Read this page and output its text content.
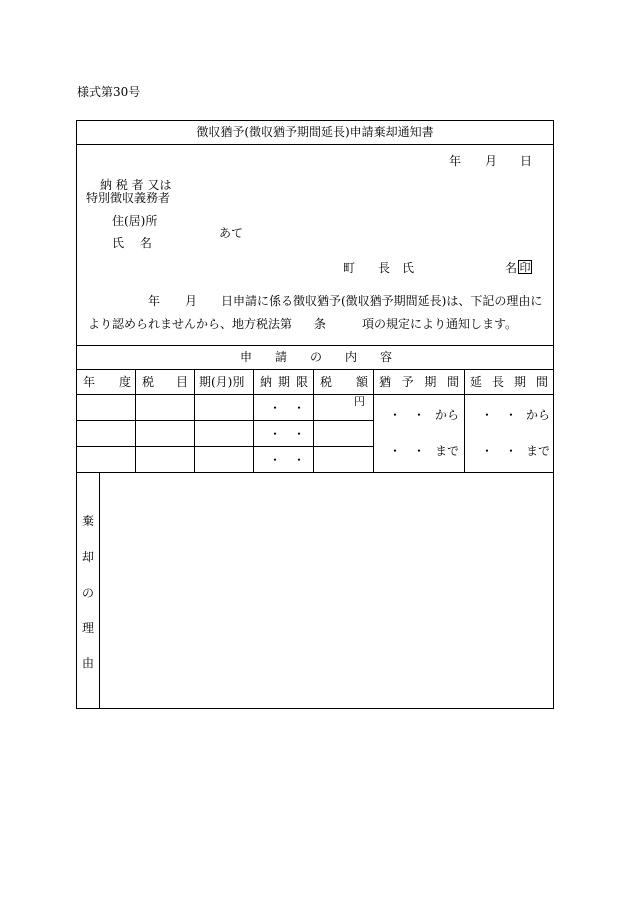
様式第30号
徴収猶予(徴収猶予期間延長)申請棄却通知書
年 月 日
納 税 者 又は
特別徴収義務者
住(居)所
氏　 名
あて
町 長　氏	名 印
年 月 日申請に係る徴収猶予(徴収猶予期間延長)は、下記の理由に
より認められませんから、地方税法第 条	項の規定により通知します。
申 請 の 内 容
年 度 税 目 期(月)別 納 期 限 税 額 猶 予 期 間 延 長 期 間
・　・
・　・
・　・
円
・　・ から
・　・ まで
・　・ から
・　・ まで
棄
却
の
理
由
